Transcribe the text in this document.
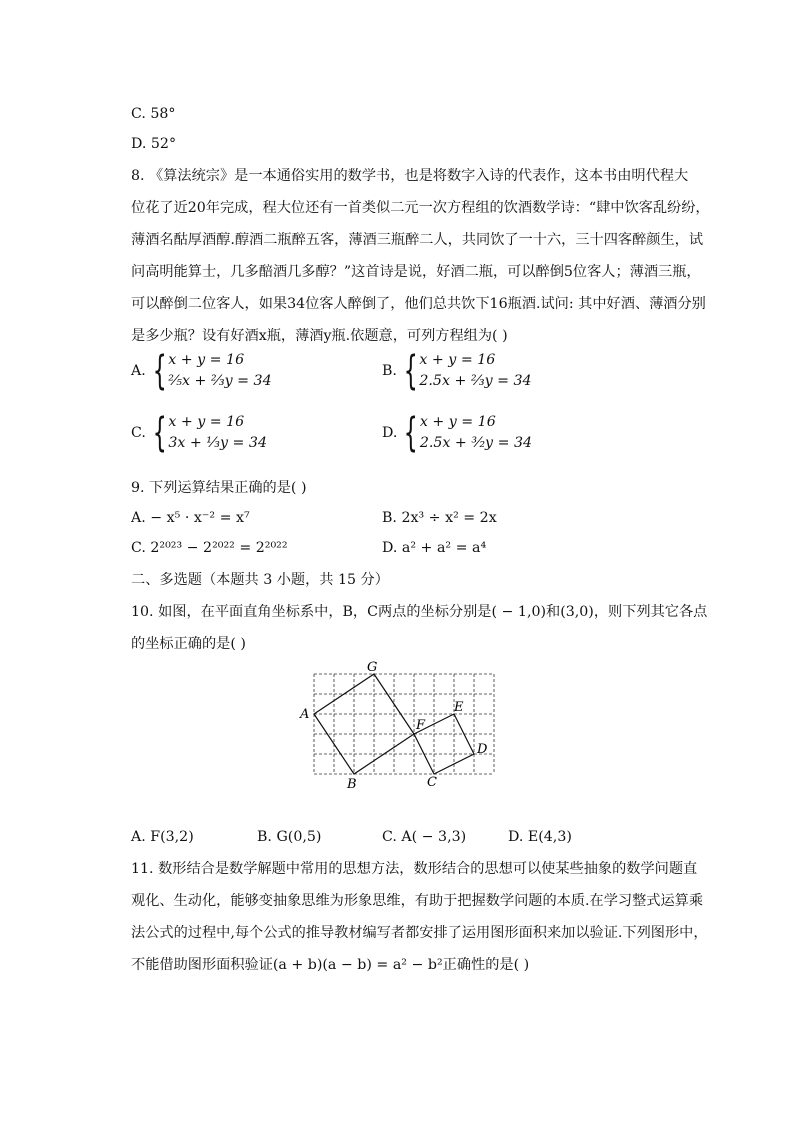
C. 58°
D. 52°
8. 《算法统宗》是一本通俗实用的数学书，也是将数字入诗的代表作，这本书由明代程大
位花了近20年完成，程大位还有一首类似二元一次方程组的饮酒数学诗：“肆中饮客乱纷纷，
薄酒名酤厚酒醇.醇酒二瓶醉五客，薄酒三瓶醉二人，共同饮了一十六，三十四客醉颜生，试
问高明能算士，几多醅酒几多醇？”这首诗是说，好酒二瓶，可以醉倒5位客人；薄酒三瓶，
可以醉倒二位客人，如果34位客人醉倒了，他们总共饮下16瓶酒.试问: 其中好酒、薄酒分别
是多少瓶？设有好酒x瓶，薄酒y瓶.依题意，可列方程组为( )
A. { x + y = 16
²⁄₅x + ²⁄₃y = 34
B. { x + y = 16
2.5x + ²⁄₃y = 34
C. { x + y = 16
3x + ¹⁄₃y = 34
D. { x + y = 16
2.5x + ³⁄₂y = 34
9. 下列运算结果正确的是( )
A. − x⁵ · x⁻² = x⁷	B. 2x³ ÷ x² = 2x
C. 2²⁰²³ − 2²⁰²² = 2²⁰²²	D. a² + a² = a⁴
二、多选题（本题共 3 小题，共 15 分）
10. 如图，在平面直角坐标系中，B，C两点的坐标分别是( − 1,0)和(3,0)，则下列其它各点
的坐标正确的是( )
G
A
F
E
D
B	C
A. F(3,2)	B. G(0,5)	C. A( − 3,3)	D. E(4,3)
11. 数形结合是数学解题中常用的思想方法，数形结合的思想可以使某些抽象的数学问题直
观化、生动化，能够变抽象思维为形象思维，有助于把握数学问题的本质.在学习整式运算乘
法公式的过程中,每个公式的推导教材编写者都安排了运用图形面积来加以验证.下列图形中，
不能借助图形面积验证(a + b)(a − b) = a² − b²正确性的是( )
